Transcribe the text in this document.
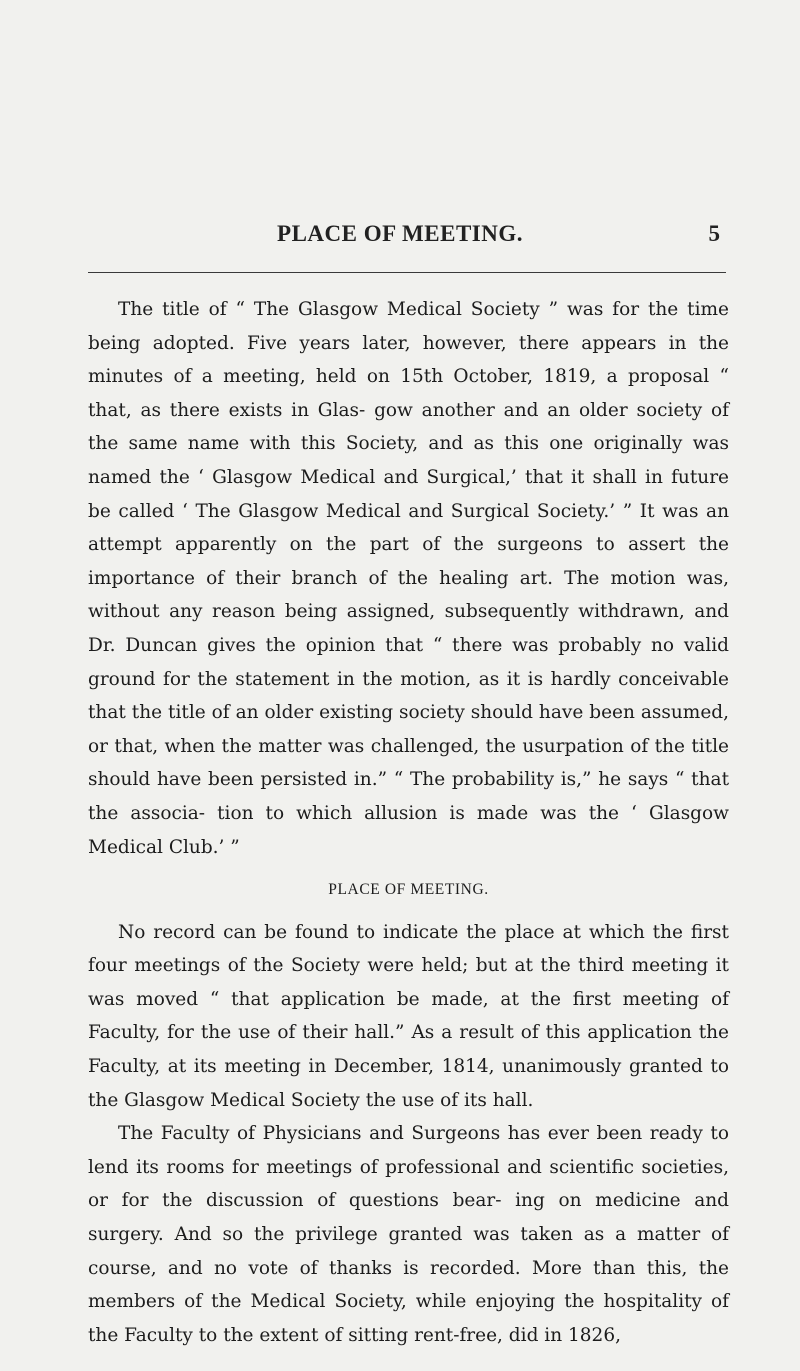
PLACE OF MEETING.	5

The title of “ The Glasgow Medical Society ” was for the time being adopted. Five years later, however, there appears in the minutes of a meeting, held on 15th October, 1819, a proposal “ that, as there exists in Glas- gow another and an older society of the same name with this Society, and as this one originally was named the ‘ Glasgow Medical and Surgical,’ that it shall in future be called ‘ The Glasgow Medical and Surgical Society.’ ” It was an attempt apparently on the part of the surgeons to assert the importance of their branch of the healing art. The motion was, without any reason being assigned, subsequently withdrawn, and Dr. Duncan gives the opinion that “ there was probably no valid ground for the statement in the motion, as it is hardly conceivable that the title of an older existing society should have been assumed, or that, when the matter was challenged, the usurpation of the title should have been persisted in.” “ The probability is,” he says “ that the associa- tion to which allusion is made was the ‘ Glasgow Medical Club.’ ”

PLACE OF MEETING.

No record can be found to indicate the place at which the first four meetings of the Society were held; but at the third meeting it was moved “ that application be made, at the first meeting of Faculty, for the use of their hall.” As a result of this application the Faculty, at its meeting in December, 1814, unanimously granted to the Glasgow Medical Society the use of its hall.

The Faculty of Physicians and Surgeons has ever been ready to lend its rooms for meetings of professional and scientific societies, or for the discussion of questions bear- ing on medicine and surgery. And so the privilege granted was taken as a matter of course, and no vote of thanks is recorded. More than this, the members of the Medical Society, while enjoying the hospitality of the Faculty to the extent of sitting rent-free, did in 1826,
